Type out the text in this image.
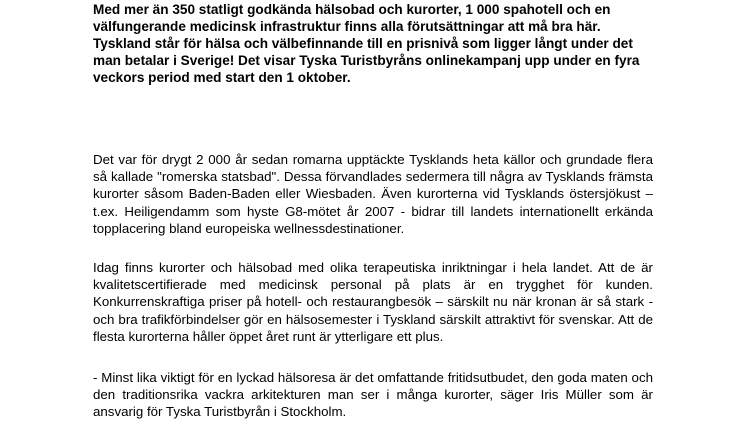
Med mer än 350 statligt godkända hälsobad och kurorter, 1 000 spahotell och en välfungerande medicinsk infrastruktur finns alla förutsättningar att må bra här. Tyskland står för hälsa och välbefinnande till en prisnivå som ligger långt under det man betalar i Sverige! Det visar Tyska Turistbyråns onlinekampanj upp under en fyra veckors period med start den 1 oktober.

Det var för drygt 2 000 år sedan romarna upptäckte Tysklands heta källor och grundade flera så kallade "romerska statsbad". Dessa förvandlades sedermera till några av Tysklands främsta kurorter såsom Baden-Baden eller Wiesbaden. Även kurorterna vid Tysklands östersjökust – t.ex. Heiligendamm som hyste G8-mötet år 2007 - bidrar till landets internationellt erkända topplacering bland europeiska wellnessdestinationer.

Idag finns kurorter och hälsobad med olika terapeutiska inriktningar i hela landet. Att de är kvalitetscertifierade med medicinsk personal på plats är en trygghet för kunden. Konkurrenskraftiga priser på hotell- och restaurangbesök – särskilt nu när kronan är så stark - och bra trafikförbindelser gör en hälsosemester i Tyskland särskilt attraktivt för svenskar. Att de flesta kurorterna håller öppet året runt är ytterligare ett plus.

- Minst lika viktigt för en lyckad hälsoresa är det omfattande fritidsutbudet, den goda maten och den traditionsrika vackra arkitekturen man ser i många kurorter, säger Iris Müller som är ansvarig för Tyska Turistbyrån i Stockholm.
